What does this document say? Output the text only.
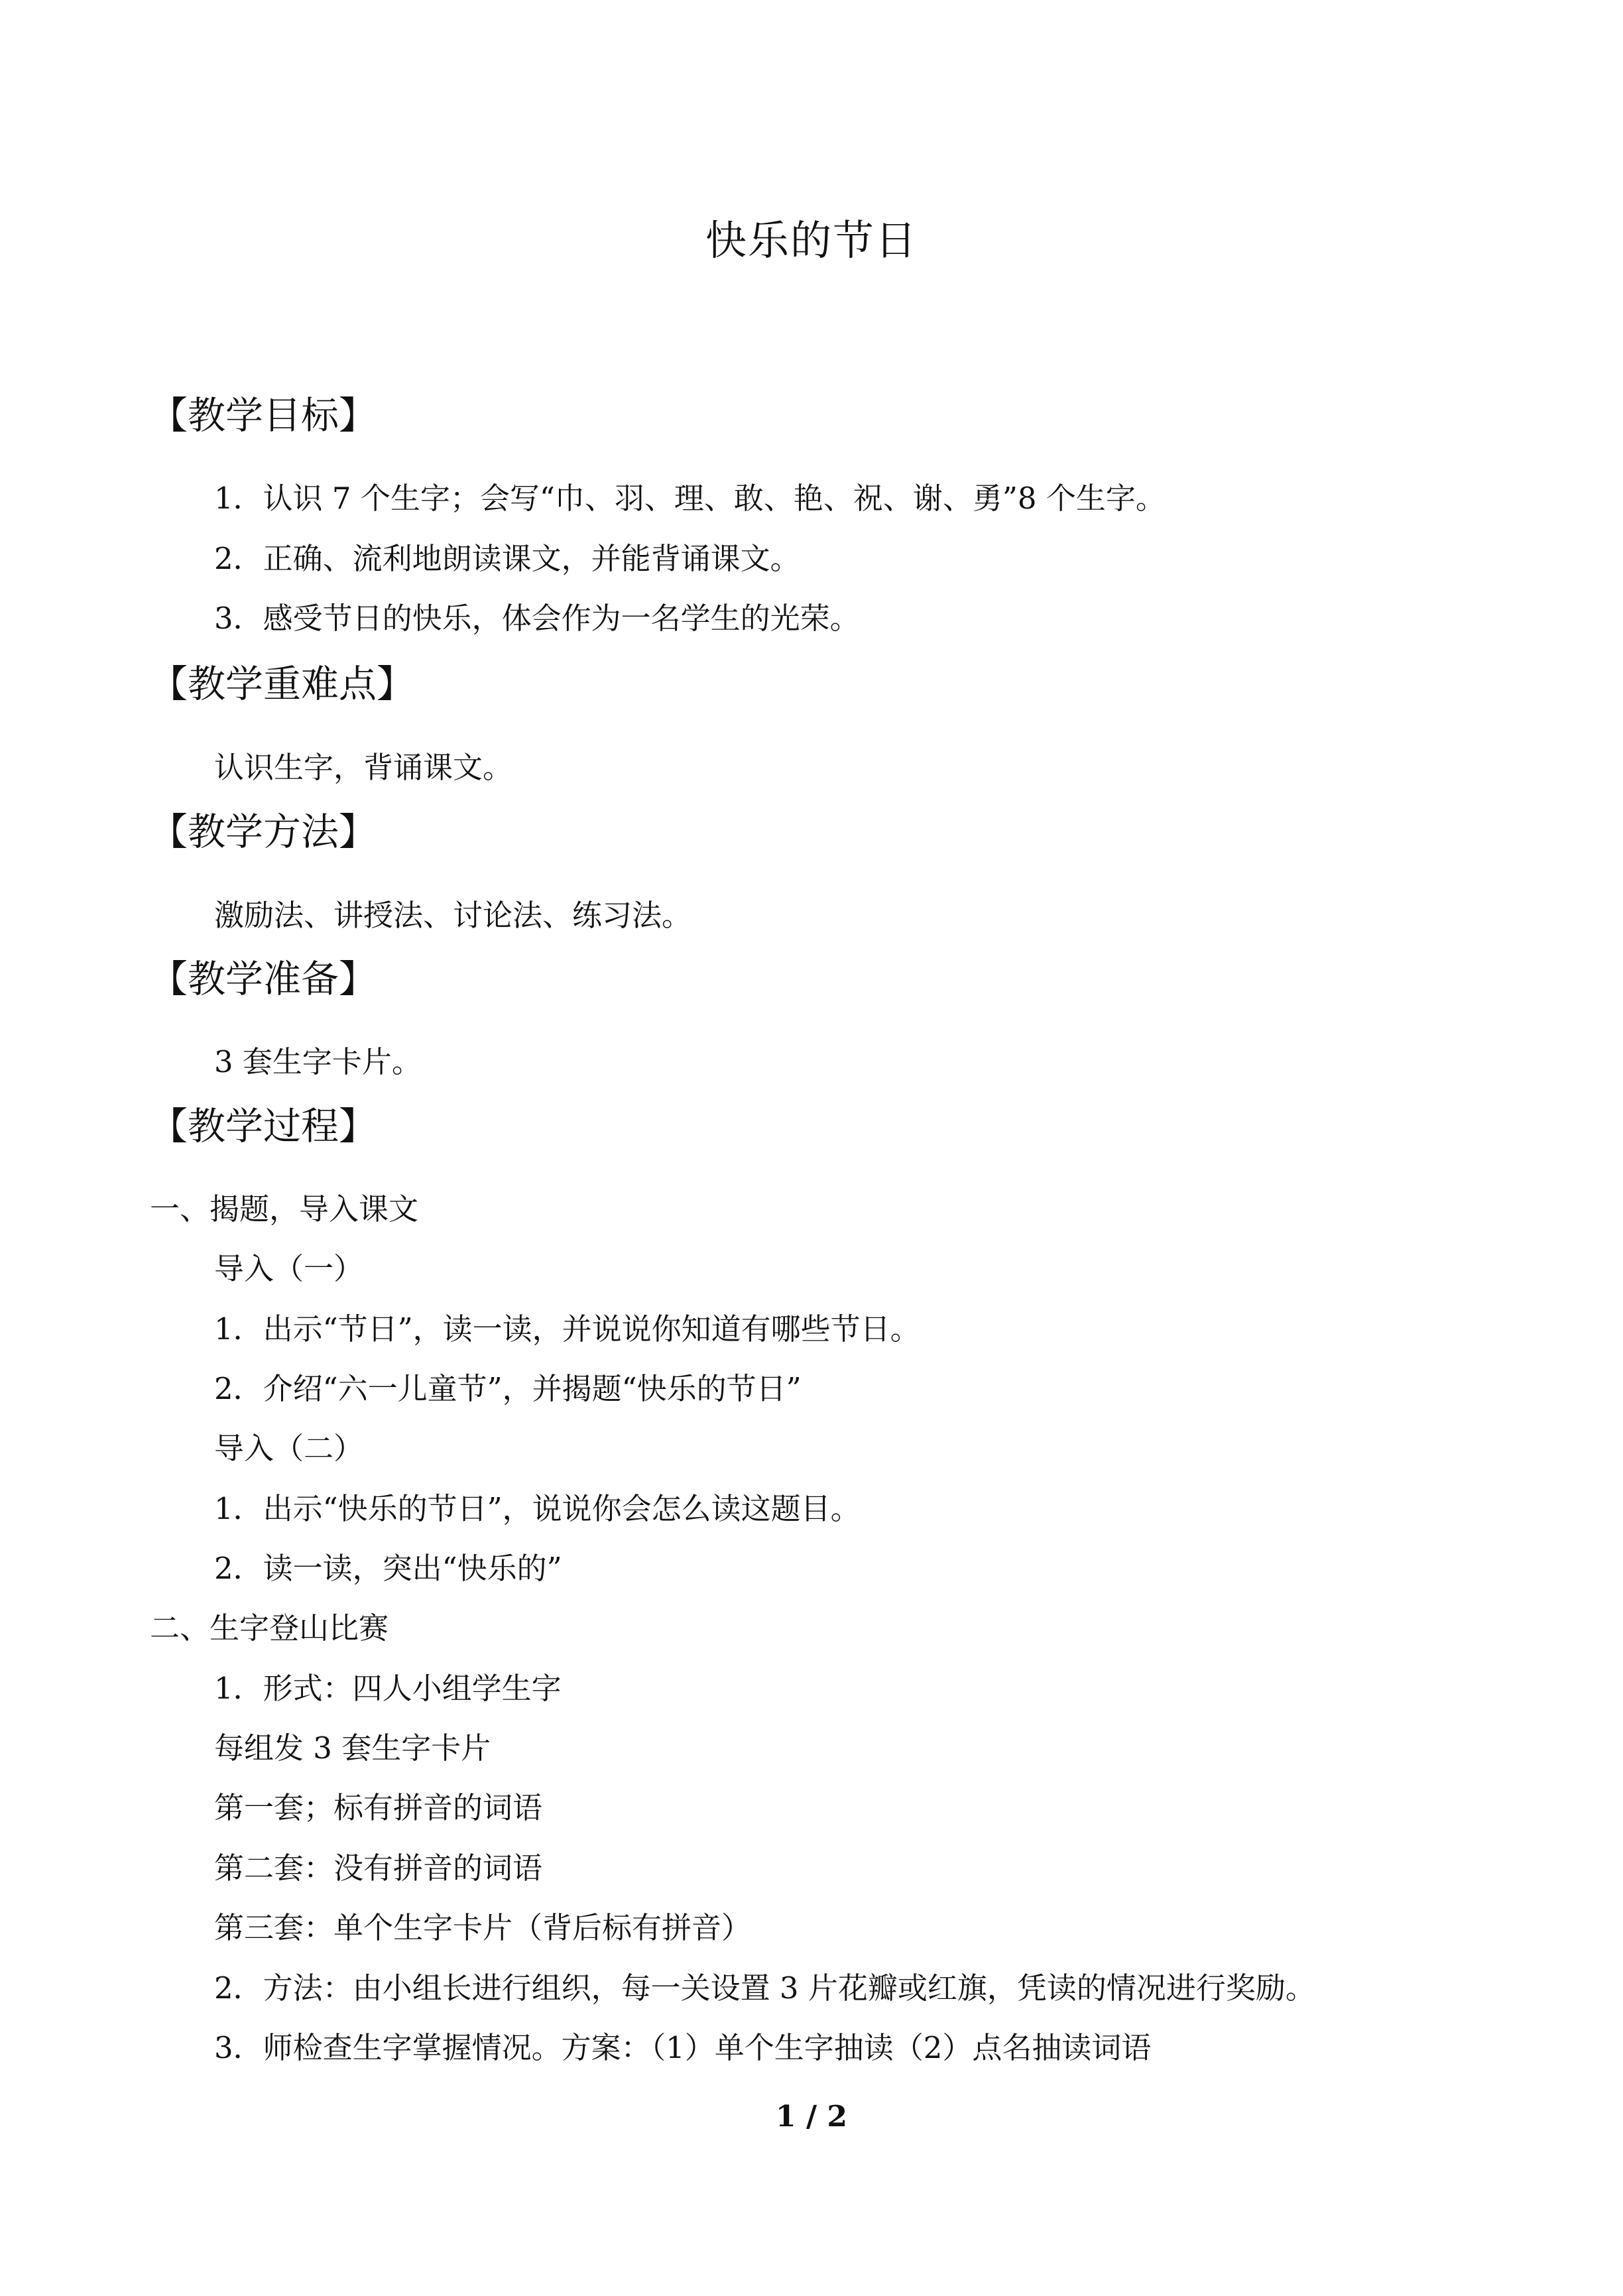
快乐的节日
【教学目标】
1．认识 7 个生字；会写“巾、羽、理、敢、艳、祝、谢、勇”8 个生字。
2．正确、流利地朗读课文，并能背诵课文。
3．感受节日的快乐，体会作为一名学生的光荣。
【教学重难点】
认识生字，背诵课文。
【教学方法】
激励法、讲授法、讨论法、练习法。
【教学准备】
3 套生字卡片。
【教学过程】
一、揭题，导入课文
导入（一）
1．出示“节日”，读一读，并说说你知道有哪些节日。
2．介绍“六一儿童节”，并揭题“快乐的节日”
导入（二）
1．出示“快乐的节日”，说说你会怎么读这题目。
2．读一读，突出“快乐的”
二、生字登山比赛
1．形式：四人小组学生字
每组发 3 套生字卡片
第一套；标有拼音的词语
第二套：没有拼音的词语
第三套：单个生字卡片（背后标有拼音）
2．方法：由小组长进行组织，每一关设置 3 片花瓣或红旗，凭读的情况进行奖励。
3．师检查生字掌握情况。方案：（1）单个生字抽读（2）点名抽读词语
1 / 2
